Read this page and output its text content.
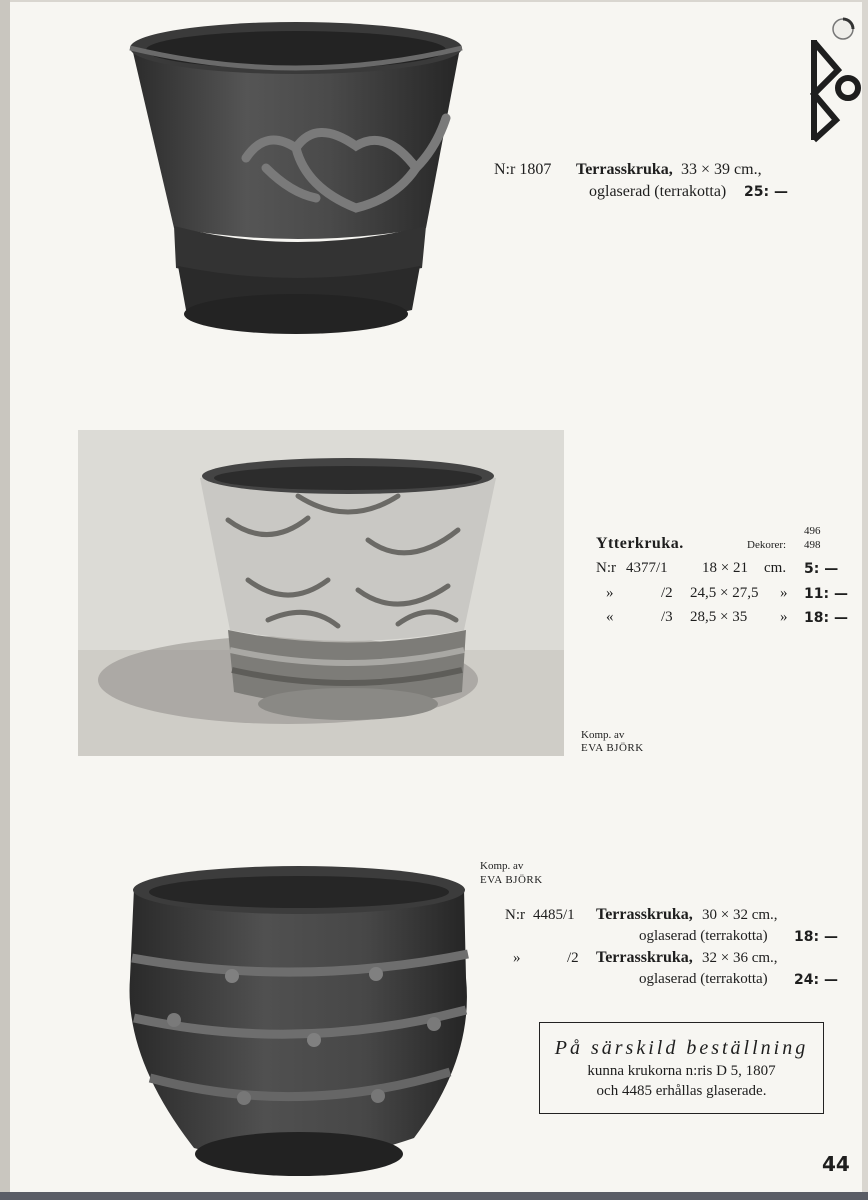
N:r 1807 Terrasskruka, 33 × 39 cm.,
oglaserad (terrakotta) 25: —
Ytterkruka.	Dekorer:
496
498
N:r 4377/1 18 × 21 cm. 5: —
»	/2 24,5 × 27,5 » 11: —
«	/3 28,5 × 35 » 18: —
Komp. av
EVA BJÖRK
Komp. av
EVA BJÖRK
N:r 4485/1 Terrasskruka, 30 × 32 cm.,
oglaserad (terrakotta) 18: —
»	/2 Terrasskruka, 32 × 36 cm.,
oglaserad (terrakotta) 24: —
På särskild beställning
kunna krukorna n:ris D 5, 1807
och 4485 erhållas glaserade.
44
